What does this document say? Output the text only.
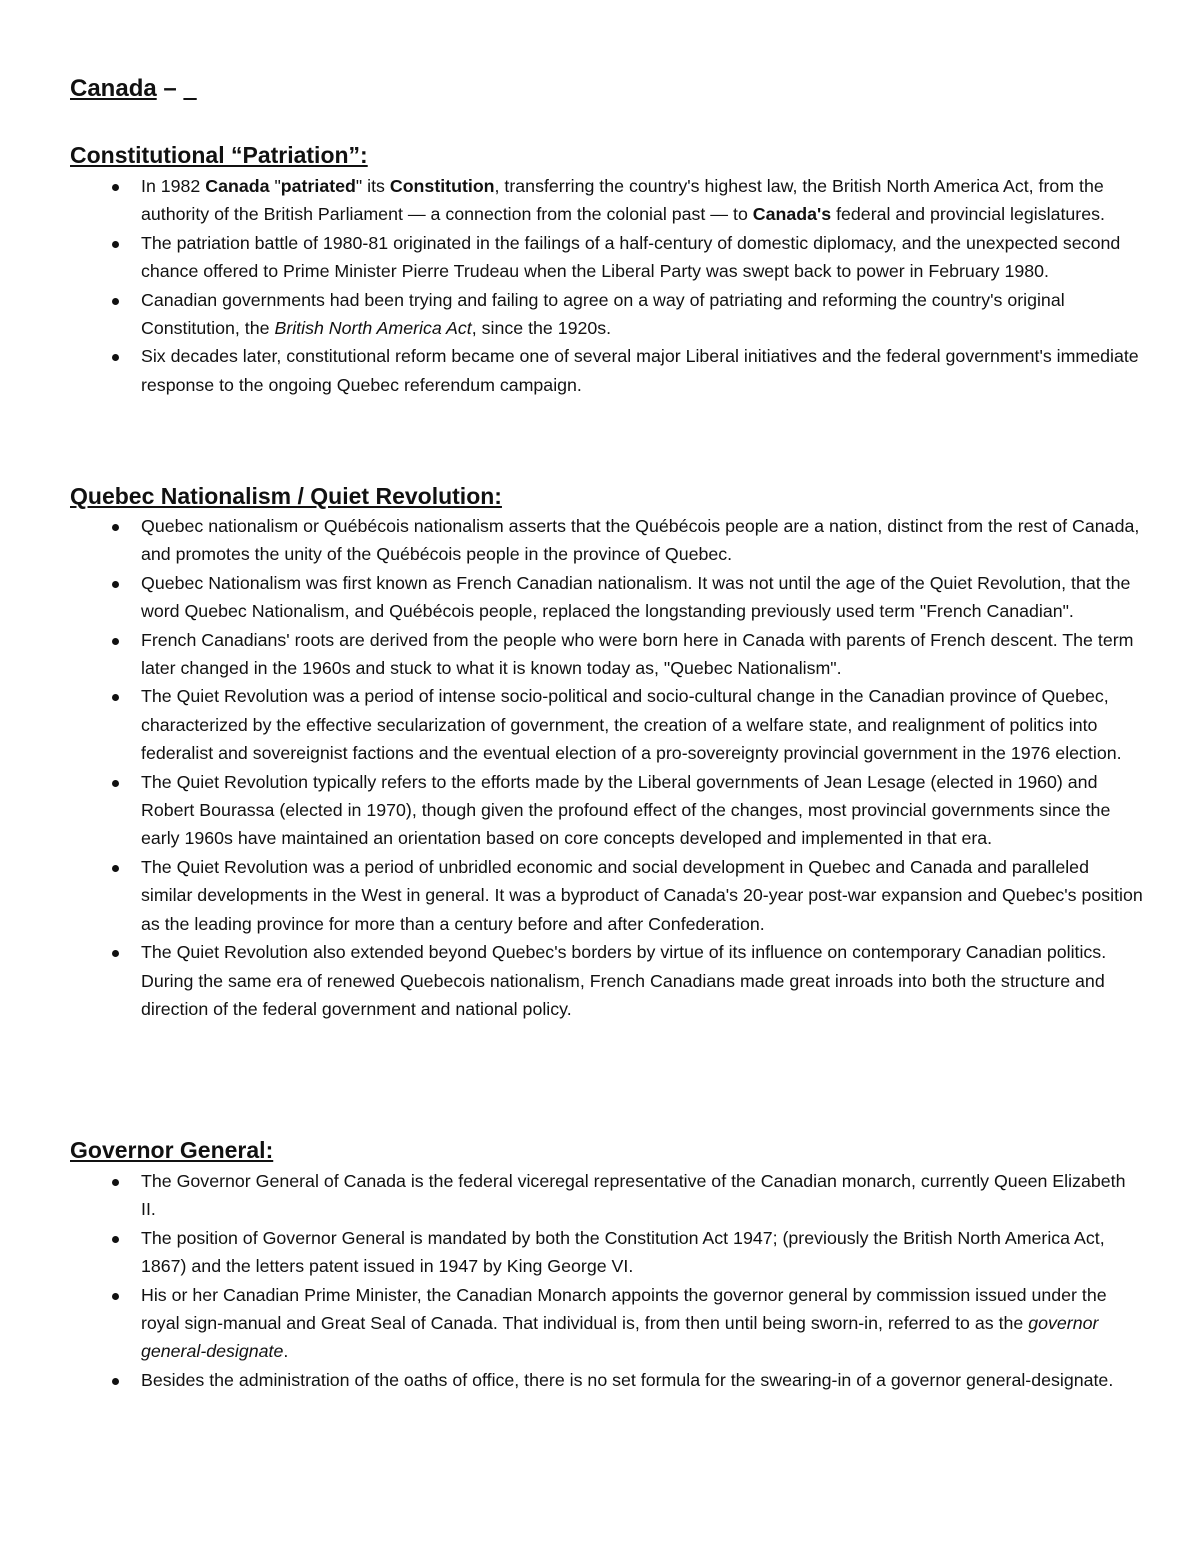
Canada –
Constitutional “Patriation”:
In 1982 Canada "patriated" its Constitution, transferring the country's highest law, the British North America Act, from the authority of the British Parliament — a connection from the colonial past — to Canada's federal and provincial legislatures.
The patriation battle of 1980-81 originated in the failings of a half-century of domestic diplomacy, and the unexpected second chance offered to Prime Minister Pierre Trudeau when the Liberal Party was swept back to power in February 1980.
Canadian governments had been trying and failing to agree on a way of patriating and reforming the country's original Constitution, the British North America Act, since the 1920s.
Six decades later, constitutional reform became one of several major Liberal initiatives and the federal government's immediate response to the ongoing Quebec referendum campaign.
Quebec Nationalism / Quiet Revolution:
Quebec nationalism or Québécois nationalism asserts that the Québécois people are a nation, distinct from the rest of Canada, and promotes the unity of the Québécois people in the province of Quebec.
Quebec Nationalism was first known as French Canadian nationalism. It was not until the age of the Quiet Revolution, that the word Quebec Nationalism, and Québécois people, replaced the longstanding previously used term "French Canadian".
French Canadians' roots are derived from the people who were born here in Canada with parents of French descent. The term later changed in the 1960s and stuck to what it is known today as, "Quebec Nationalism".
The Quiet Revolution was a period of intense socio-political and socio-cultural change in the Canadian province of Quebec, characterized by the effective secularization of government, the creation of a welfare state, and realignment of politics into federalist and sovereignist factions and the eventual election of a pro-sovereignty provincial government in the 1976 election.
The Quiet Revolution typically refers to the efforts made by the Liberal governments of Jean Lesage (elected in 1960) and Robert Bourassa (elected in 1970), though given the profound effect of the changes, most provincial governments since the early 1960s have maintained an orientation based on core concepts developed and implemented in that era.
The Quiet Revolution was a period of unbridled economic and social development in Quebec and Canada and paralleled similar developments in the West in general. It was a byproduct of Canada's 20-year post-war expansion and Quebec's position as the leading province for more than a century before and after Confederation.
The Quiet Revolution also extended beyond Quebec's borders by virtue of its influence on contemporary Canadian politics. During the same era of renewed Quebecois nationalism, French Canadians made great inroads into both the structure and direction of the federal government and national policy.
Governor General:
The Governor General of Canada is the federal viceregal representative of the Canadian monarch, currently Queen Elizabeth II.
The position of Governor General is mandated by both the Constitution Act 1947; (previously the British North America Act, 1867) and the letters patent issued in 1947 by King George VI.
His or her Canadian Prime Minister, the Canadian Monarch appoints the governor general by commission issued under the royal sign-manual and Great Seal of Canada. That individual is, from then until being sworn-in, referred to as the governor general-designate.
Besides the administration of the oaths of office, there is no set formula for the swearing-in of a governor general-designate.
